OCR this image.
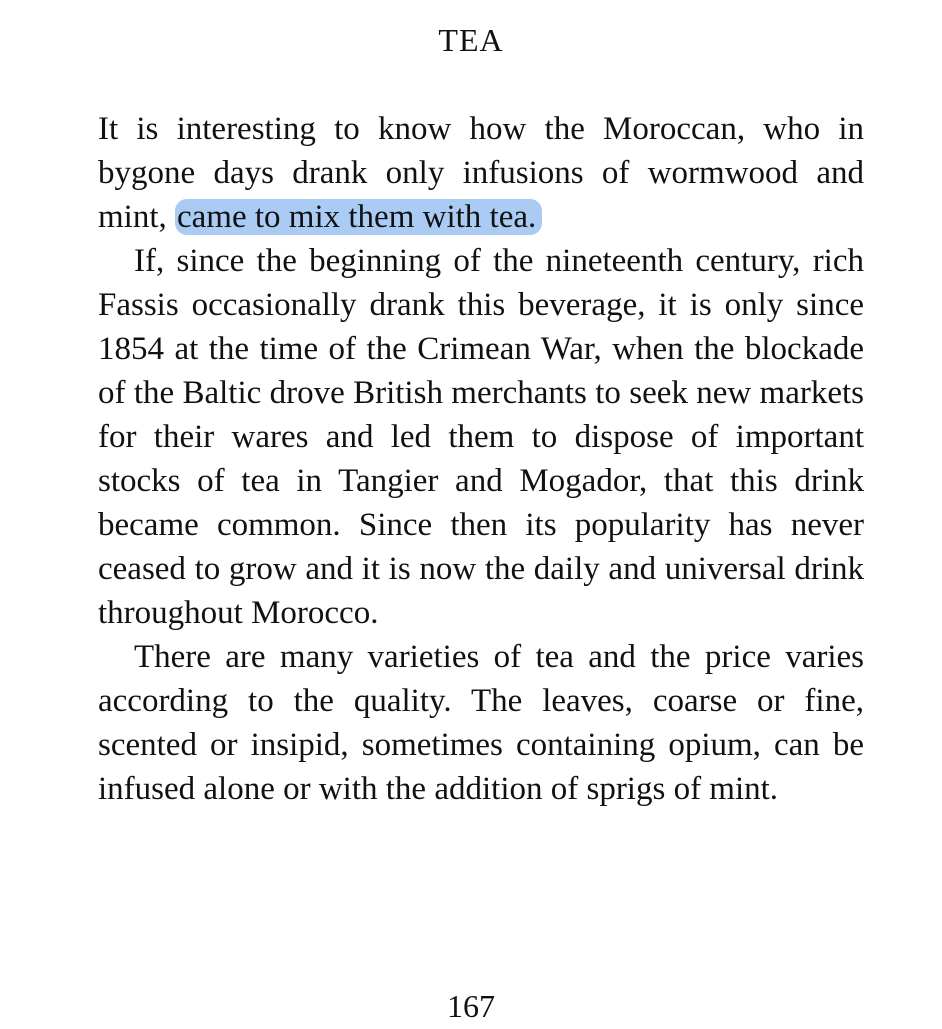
TEA

It is interesting to know how the Moroccan, who in bygone days drank only infusions of wormwood and mint, came to mix them with tea.

If, since the beginning of the nineteenth century, rich Fassis occasionally drank this beverage, it is only since 1854 at the time of the Crimean War, when the blockade of the Baltic drove British merchants to seek new markets for their wares and led them to dispose of important stocks of tea in Tangier and Mogador, that this drink became common. Since then its popularity has never ceased to grow and it is now the daily and universal drink throughout Morocco.

There are many varieties of tea and the price varies according to the quality. The leaves, coarse or fine, scented or insipid, sometimes containing opium, can be infused alone or with the addition of sprigs of mint.

167
